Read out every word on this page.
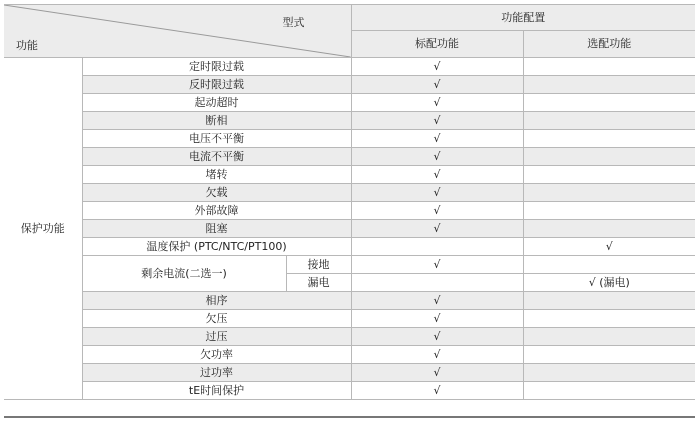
型式
功能			功能配置	
			标配功能	选配功能
保护功能	定时限过载		√	
	反时限过载		√	
	起动超时		√	
	断相		√	
	电压不平衡		√	
	电流不平衡		√	
	堵转		√	
	欠载		√	
	外部故障		√	
	阻塞		√	
	温度保护 (PTC/NTC/PT100)			√
	剩余电流(二选一)	接地	√	
		漏电		√ (漏电)
	相序		√	
	欠压		√	
	过压		√	
	欠功率		√	
	过功率		√	
	tE时间保护		√	
